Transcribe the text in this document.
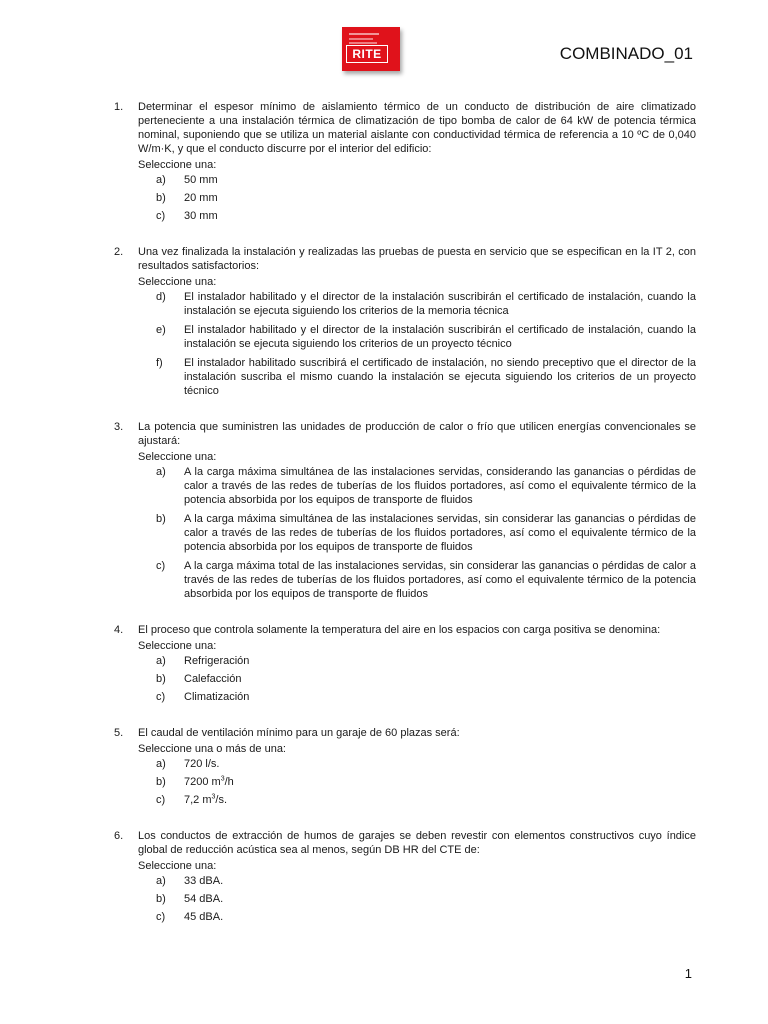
RITE	COMBINADO_01
1.	Determinar el espesor mínimo de aislamiento térmico de un conducto de distribución de aire climatizado perteneciente a una instalación térmica de climatización de tipo bomba de calor de 64 kW de potencia térmica nominal, suponiendo que se utiliza un material aislante con conductividad térmica de referencia a 10 ºC de 0,040 W/m·K, y que el conducto discurre por el interior del edificio:
Seleccione una:
a)	50 mm
b)	20 mm
c)	30 mm
2.	Una vez finalizada la instalación y realizadas las pruebas de puesta en servicio que se especifican en la IT 2, con resultados satisfactorios:
Seleccione una:
d)	El instalador habilitado y el director de la instalación suscribirán el certificado de instalación, cuando la instalación se ejecuta siguiendo los criterios de la memoria técnica
e)	El instalador habilitado y el director de la instalación suscribirán el certificado de instalación, cuando la instalación se ejecuta siguiendo los criterios de un proyecto técnico
f)	El instalador habilitado suscribirá el certificado de instalación, no siendo preceptivo que el director de la instalación suscriba el mismo cuando la instalación se ejecuta siguiendo los criterios de un proyecto técnico
3.	La potencia que suministren las unidades de producción de calor o frío que utilicen energías convencionales se ajustará:
Seleccione una:
a)	A la carga máxima simultánea de las instalaciones servidas, considerando las ganancias o pérdidas de calor a través de las redes de tuberías de los fluidos portadores, así como el equivalente térmico de la potencia absorbida por los equipos de transporte de fluidos
b)	A la carga máxima simultánea de las instalaciones servidas, sin considerar las ganancias o pérdidas de calor a través de las redes de tuberías de los fluidos portadores, así como el equivalente térmico de la potencia absorbida por los equipos de transporte de fluidos
c)	A la carga máxima total de las instalaciones servidas, sin considerar las ganancias o pérdidas de calor a través de las redes de tuberías de los fluidos portadores, así como el equivalente térmico de la potencia absorbida por los equipos de transporte de fluidos
4.	El proceso que controla solamente la temperatura del aire en los espacios con carga positiva se denomina:
Seleccione una:
a)	Refrigeración
b)	Calefacción
c)	Climatización
5.	El caudal de ventilación mínimo para un garaje de 60 plazas será:
Seleccione una o más de una:
a)	720 l/s.
b)	7200 $m^3/h$
c)	7,2 $m^3/s$.
6.	Los conductos de extracción de humos de garajes se deben revestir con elementos constructivos cuyo índice global de reducción acústica sea al menos, según DB HR del CTE de:
Seleccione una:
a)	33 dBA.
b)	54 dBA.
c)	45 dBA.
1
